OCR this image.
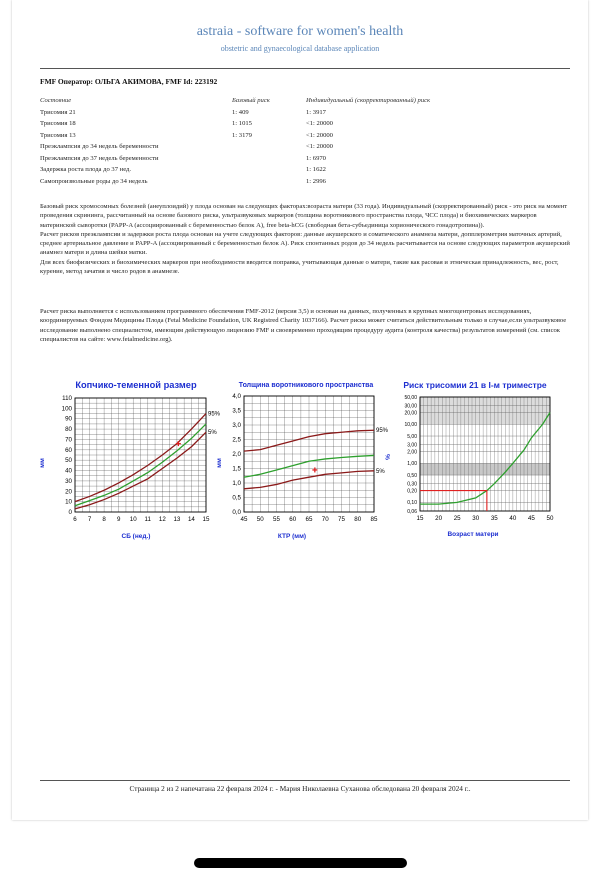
astraia - software for women's health
obstetric and gynaecological database application
FMF Оператор: ОЛЬГА АКИМОВА, FMF Id: 223192
Состояние	Базовый риск	Индивидуальный (скорректированный) риск
Трисомия 21	1: 409	1: 3917
Трисомия 18	1: 1015	<1: 20000
Трисомия 13	1: 3179	<1: 20000
Преэклампсия до 34 недель беременности		<1: 20000
Преэклампсия до 37 недель беременности		1: 6970
Задержка роста плода до 37 нед.		1: 1622
Самопроизвольные роды до 34 недель		1: 2996

Базовый риск хромосомных болезней (анеуплоидий) у плода основан на следующих факторах:возраста матери (33 года). Индивидуальный (скорректированный) риск - это риск на момент проведения скрининга, рассчитанный на основе базового риска, ультразвуковых маркеров (толщина воротникового пространства плода, ЧСС плода) и биохимических маркеров материнской сыворотки (PAPP-A (ассоциированный с беременностью белок А), free beta-hCG (свободная бета-субъединица хорионического гонадотропина)).

Расчет рисков преэклампсии и задержки роста плода основан на учете следующих факторов: данные акушерского и соматического анамнеза матери, допплерометрия маточных артерий, среднее артериальное давление и PAPP-A (ассоциированный с беременностью белок А). Риск спонтанных родов до 34 недель расчитывается на основе следующих параметров акушерский анамнез матери и длина шейки матки.

Для всех биофизических и биохимических маркеров при необходимости вводится поправка, учитывающая данные о матери, такие как расовая и этническая принадлежность, вес, рост, курение, метод зачатия и число родов в анамнезе.

Расчет риска выполняется с использованием программного обеспечения FMF-2012 (версия 3,5) и основан на данных, полученных в крупных многоцентровых исследованиях, координируемых Фондом Медицины Плода (Fetal Medicine Foundation, UK Registred Charity 1037166). Расчет риска может считаться действительным только в случае,если ультразвуковое исследование выполнено специалистом, имеющим действующую лицензию FMF и своевременно проходящим процедуру аудита (контроля качества) результатов измерений (см. список специалистов на сайте: www.fetalmedicine.org).

Копчико-теменной размер
СБ (нед.)
мм
6 7 8 9 10 11 12 13 14 15
0
10
20
30
40
50
60
70
80
90
100
110
95%
5%
Толщина воротникового пространства
КТР (мм)
мм
45 50 55 60 65 70 75 80 85
0,0
0,5
1,0
1,5
2,0
2,5
3,0
3,5
4,0
95%
5%
Риск трисомии 21 в I-м триместре
Возраст матери
%
0,06
0,10
0,20
0,30
0,50
1,00
2,00
3,00
5,00
10,00
20,00
30,00
50,00
15 20 25 30 35 40 45 50
Страница 2 из 2 напечатана 22 февраля 2024 г. - Мария Николаевна Суханова обследована 20 февраля 2024 г..
